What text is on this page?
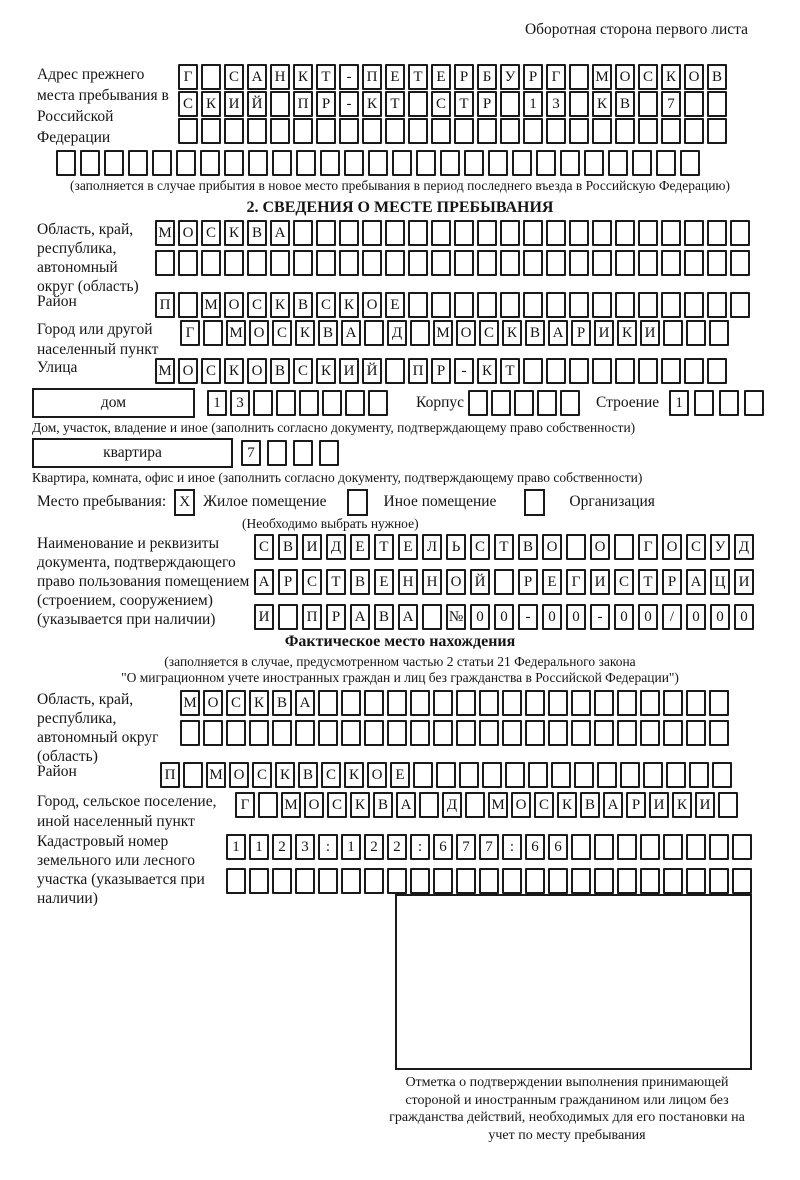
Оборотная сторона первого листа
Адрес прежнего места пребывания в Российской Федерации
Г	С А Н К Т	-	П Е Т Е Р Б У Р Г	М О С К О В
С К И Й	П Р	-	К Т	С Т Р	1	3	К В	7
(заполняется в случае прибытия в новое место пребывания в период последнего въезда в Российскую Федерацию)
2. СВЕДЕНИЯ О МЕСТЕ ПРЕБЫВАНИЯ
Область, край, республика, автономный округ (область)
М О С К В А
Район	П	М О С К В С К О Е
Город или другой населенный пункт
Г	М О С К В А	Д	М О С К В А Р И К И
Улица	М О С К О В С К И Й	П Р	-	К Т
дом	1	3	Корпус	Строение	1
Дом, участок, владение и иное (заполнить согласно документу, подтверждающему право собственности)
квартира	7
Квартира, комната, офис и иное (заполнить согласно документу, подтверждающему право собственности)
Место пребывания: X Жилое помещение	Иное помещение	Организация
(Необходимо выбрать нужное)
Наименование и реквизиты документа, подтверждающего право пользования помещением (строением, сооружением) (указывается при наличии)
С В И Д Е Т Е Л Ь С Т В О	О	Г О С У Д
А Р С Т В Е Н Н О Й	Р	Е	Г И С Т	Р А Ц И
И	П Р А В А	№ 0	0	-	0	0	-	0	0	/	0	0	0
Фактическое место нахождения
(заполняется в случае, предусмотренном частью 2 статьи 21 Федерального закона
"О миграционном учете иностранных граждан и лиц без гражданства в Российской Федерации")
Область, край, республика, автономный округ (область)
М О С К В А
Район	П	М О С К В С К О Е
Город, сельское поселение, иной населенный пункт
Г	М О С К В А	Д	М О С К В А Р И К И
Кадастровый номер земельного или лесного участка (указывается при наличии)
1	1	2	3	:	1	2	2	:	6	7	7	:	6	6
Отметка о подтверждении выполнения принимающей стороной и иностранным гражданином или лицом без гражданства действий, необходимых для его постановки на учет по месту пребывания
